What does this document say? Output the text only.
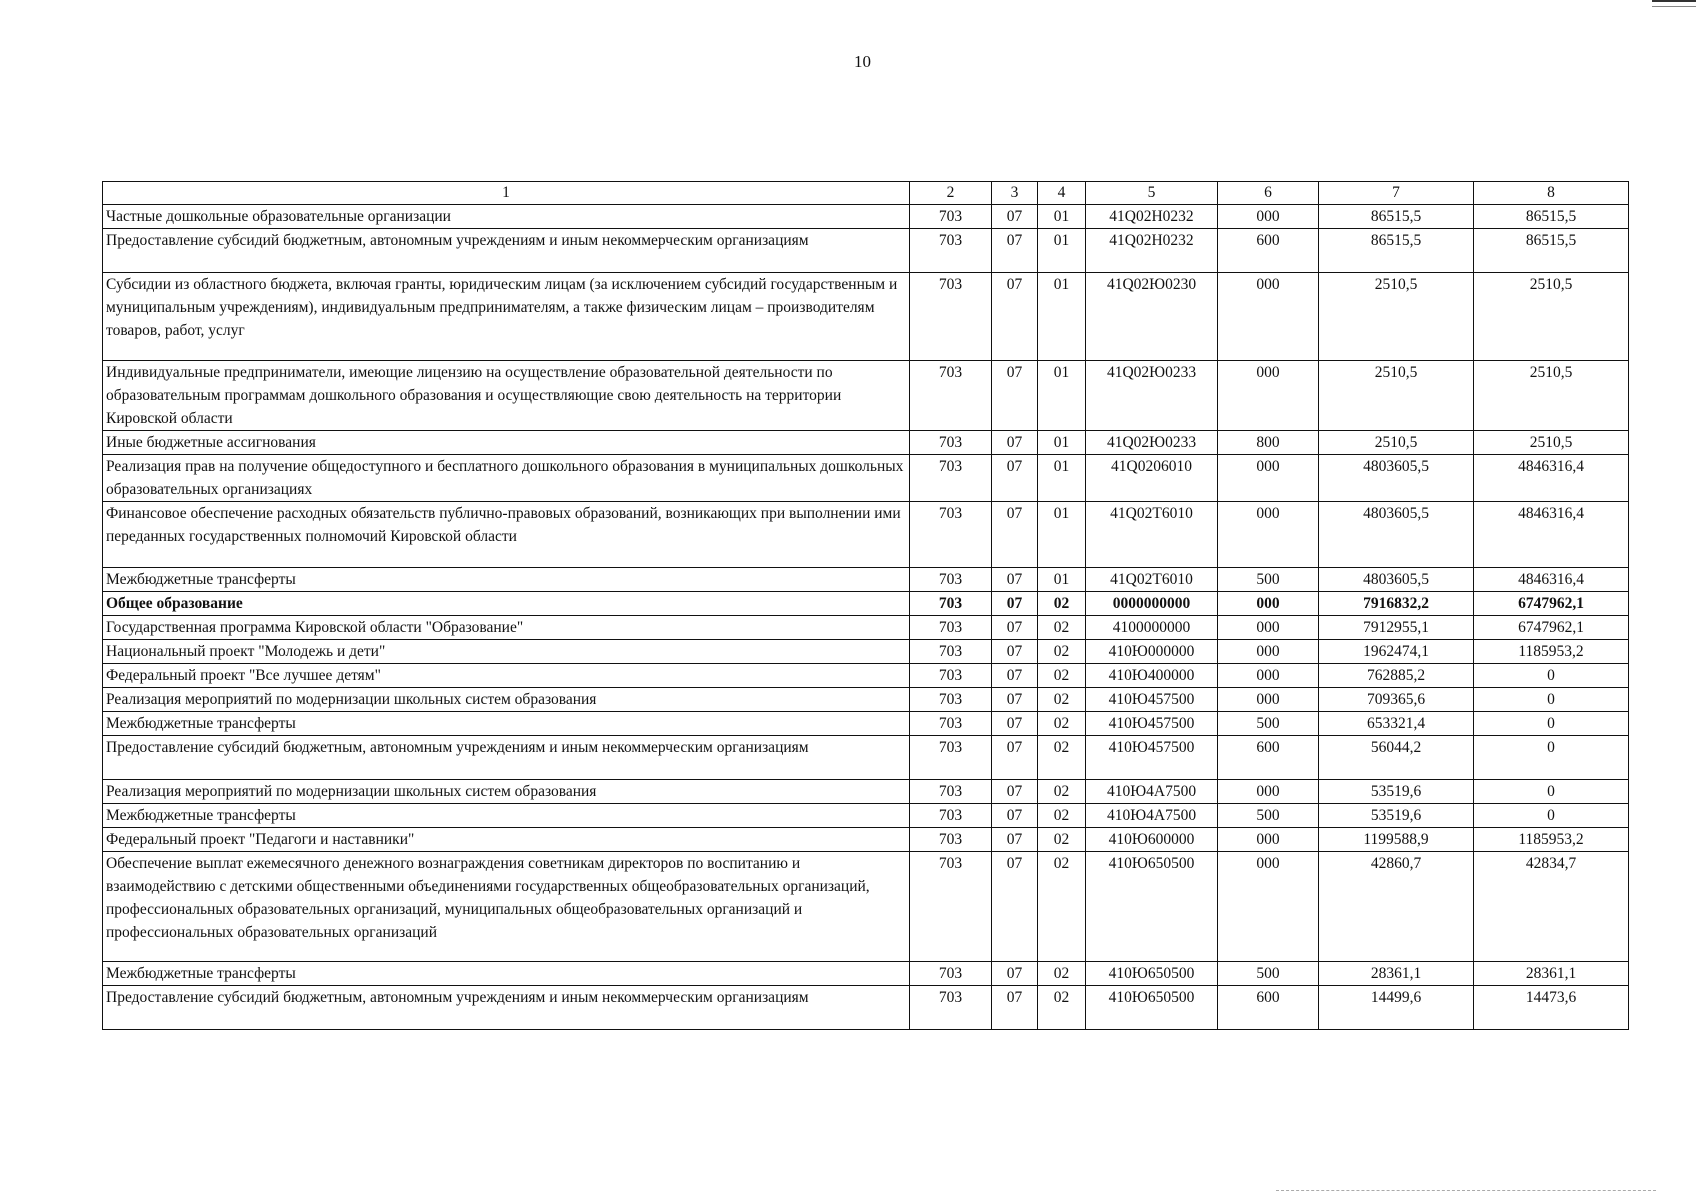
10
1	2	3	4	5	6	7	8
Частные дошкольные образовательные организации	703	07	01	41Q02H0232	000	86515,5	86515,5
Предоставление субсидий бюджетным, автономным учреждениям и иным некоммерческим организациям	703	07	01	41Q02H0232	600	86515,5	86515,5
Субсидии из областного бюджета, включая гранты, юридическим лицам (за исключением субсидий государственным и муниципальным учреждениям), индивидуальным предпринимателям, а также физическим лицам – производителям товаров, работ, услуг	703	07	01	41Q02Ю0230	000	2510,5	2510,5
Индивидуальные предприниматели, имеющие лицензию на осуществление образовательной деятельности по образовательным программам дошкольного образования и осуществляющие свою деятельность на территории Кировской области	703	07	01	41Q02Ю0233	000	2510,5	2510,5
Иные бюджетные ассигнования	703	07	01	41Q02Ю0233	800	2510,5	2510,5
Реализация прав на получение общедоступного и бесплатного дошкольного образования в муниципальных дошкольных образовательных организациях	703	07	01	41Q0206010	000	4803605,5	4846316,4
Финансовое обеспечение расходных обязательств публично-правовых образований, возникающих при выполнении ими переданных государственных полномочий Кировской области	703	07	01	41Q02T6010	000	4803605,5	4846316,4
Межбюджетные трансферты	703	07	01	41Q02T6010	500	4803605,5	4846316,4
Общее образование	703	07	02	0000000000	000	7916832,2	6747962,1
Государственная программа Кировской области "Образование"	703	07	02	4100000000	000	7912955,1	6747962,1
Национальный проект "Молодежь и дети"	703	07	02	410Ю000000	000	1962474,1	1185953,2
Федеральный проект "Все лучшее детям"	703	07	02	410Ю400000	000	762885,2	0
Реализация мероприятий по модернизации школьных систем образования	703	07	02	410Ю457500	000	709365,6	0
Межбюджетные трансферты	703	07	02	410Ю457500	500	653321,4	0
Предоставление субсидий бюджетным, автономным учреждениям и иным некоммерческим организациям	703	07	02	410Ю457500	600	56044,2	0
Реализация мероприятий по модернизации школьных систем образования	703	07	02	410Ю4А7500	000	53519,6	0
Межбюджетные трансферты	703	07	02	410Ю4А7500	500	53519,6	0
Федеральный проект "Педагоги и наставники"	703	07	02	410Ю600000	000	1199588,9	1185953,2
Обеспечение выплат ежемесячного денежного вознаграждения советникам директоров по воспитанию и взаимодействию с детскими общественными объединениями государственных общеобразовательных организаций, профессиональных образовательных организаций, муниципальных общеобразовательных организаций и профессиональных образовательных организаций	703	07	02	410Ю650500	000	42860,7	42834,7
Межбюджетные трансферты	703	07	02	410Ю650500	500	28361,1	28361,1
Предоставление субсидий бюджетным, автономным учреждениям и иным некоммерческим организациям	703	07	02	410Ю650500	600	14499,6	14473,6
